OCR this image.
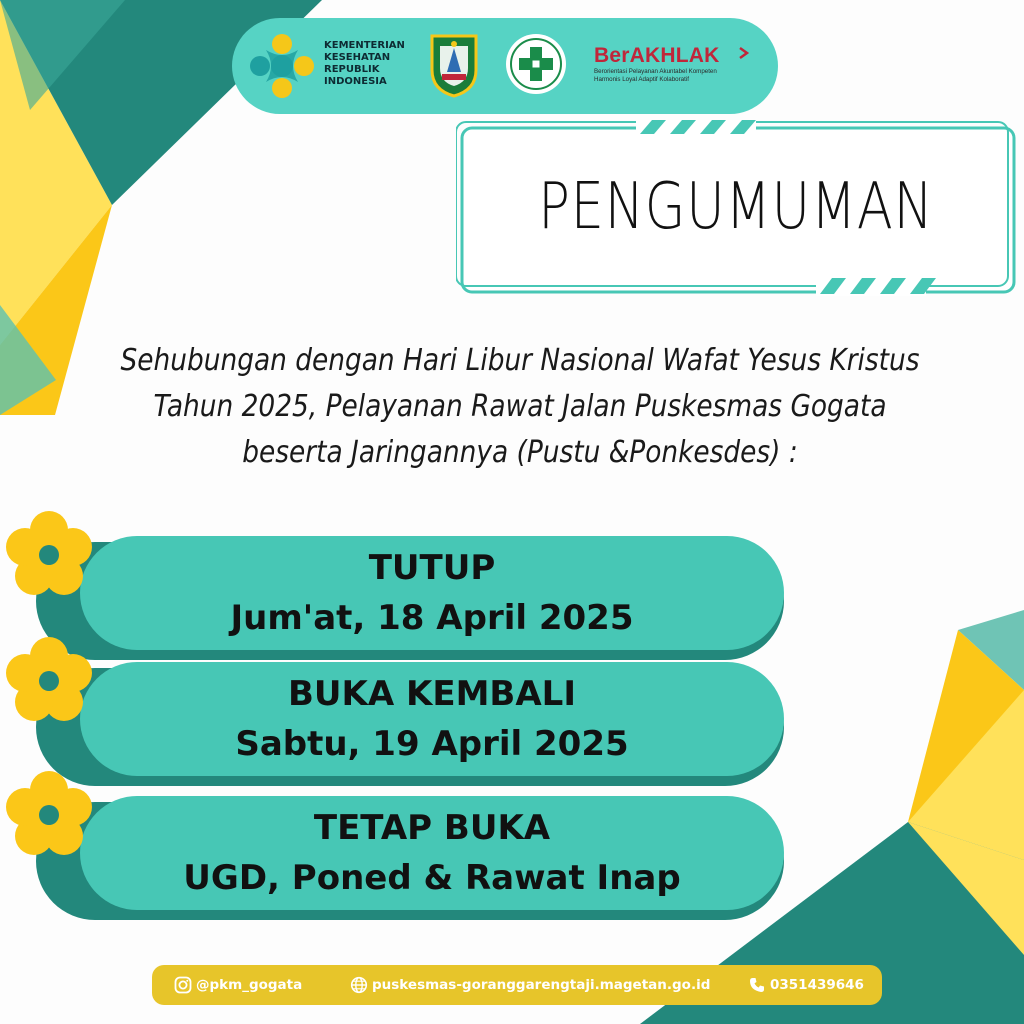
KEMENTERIAN
KESEHATAN
REPUBLIK
INDONESIA
BerAKHLAK
Berorientasi Pelayanan Akuntabel Kompeten
Harmonis Loyal Adaptif Kolaboratif
PENGUMUMAN
Sehubungan dengan Hari Libur Nasional Wafat Yesus Kristus
Tahun 2025, Pelayanan Rawat Jalan Puskesmas Gogata
beserta Jaringannya (Pustu &Ponkesdes) :
TUTUP
Jum'at, 18 April 2025
BUKA KEMBALI
Sabtu, 19 April 2025
TETAP BUKA
UGD, Poned & Rawat Inap
@pkm_gogata	puskesmas-goranggarengtaji.magetan.go.id	0351439646
